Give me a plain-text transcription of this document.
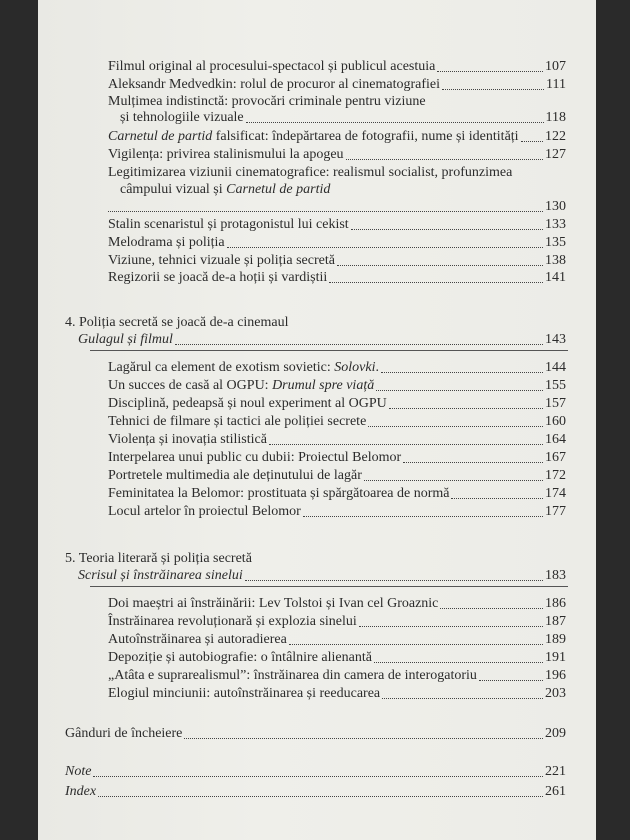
Filmul original al procesului-spectacol și publicul acestuia	107
Aleksandr Medvedkin: rolul de procuror al cinematografiei	111
Mulțimea indistinctă: provocări criminale pentru viziune
și tehnologiile vizuale	118
Carnetul de partid falsificat: îndepărtarea de fotografii, nume și identități 122
Vigilența: privirea stalinismului la apogeu	127
Legitimizarea viziunii cinematografice: realismul socialist, profunzimea
câmpului vizual și Carnetul de partid
130
Stalin scenaristul și protagonistul lui cekist	133
Melodrama și poliția	135
Viziune, tehnici vizuale și poliția secretă	138
Regizorii se joacă de-a hoții și vardiștii	141
4. Poliția secretă se joacă de-a cinemaul
Gulagul și filmul	143
Lagărul ca element de exotism sovietic: Solovki.	144
Un succes de casă al OGPU: Drumul spre viață	155
Disciplină, pedeapsă și noul experiment al OGPU	157
Tehnici de filmare și tactici ale poliției secrete	160
Violența și inovația stilistică	164
Interpelarea unui public cu dubii: Proiectul Belomor	167
Portretele multimedia ale deținutului de lagăr	172
Feminitatea la Belomor: prostituata și spărgătoarea de normă	174
Locul artelor în proiectul Belomor	177
5. Teoria literară și poliția secretă
Scrisul și înstrăinarea sinelui	183
Doi maeștri ai înstrăinării: Lev Tolstoi și Ivan cel Groaznic	186
Înstrăinarea revoluționară și explozia sinelui	187
Autoînstrăinarea și autoradierea	189
Depoziție și autobiografie: o întâlnire alienantă	191
„Atâta e suprarealismul”: înstrăinarea din camera de interogatoriu	196
Elogiul minciunii: autoînstrăinarea și reeducarea	203
Gânduri de încheiere	209
Note	221
Index	261
